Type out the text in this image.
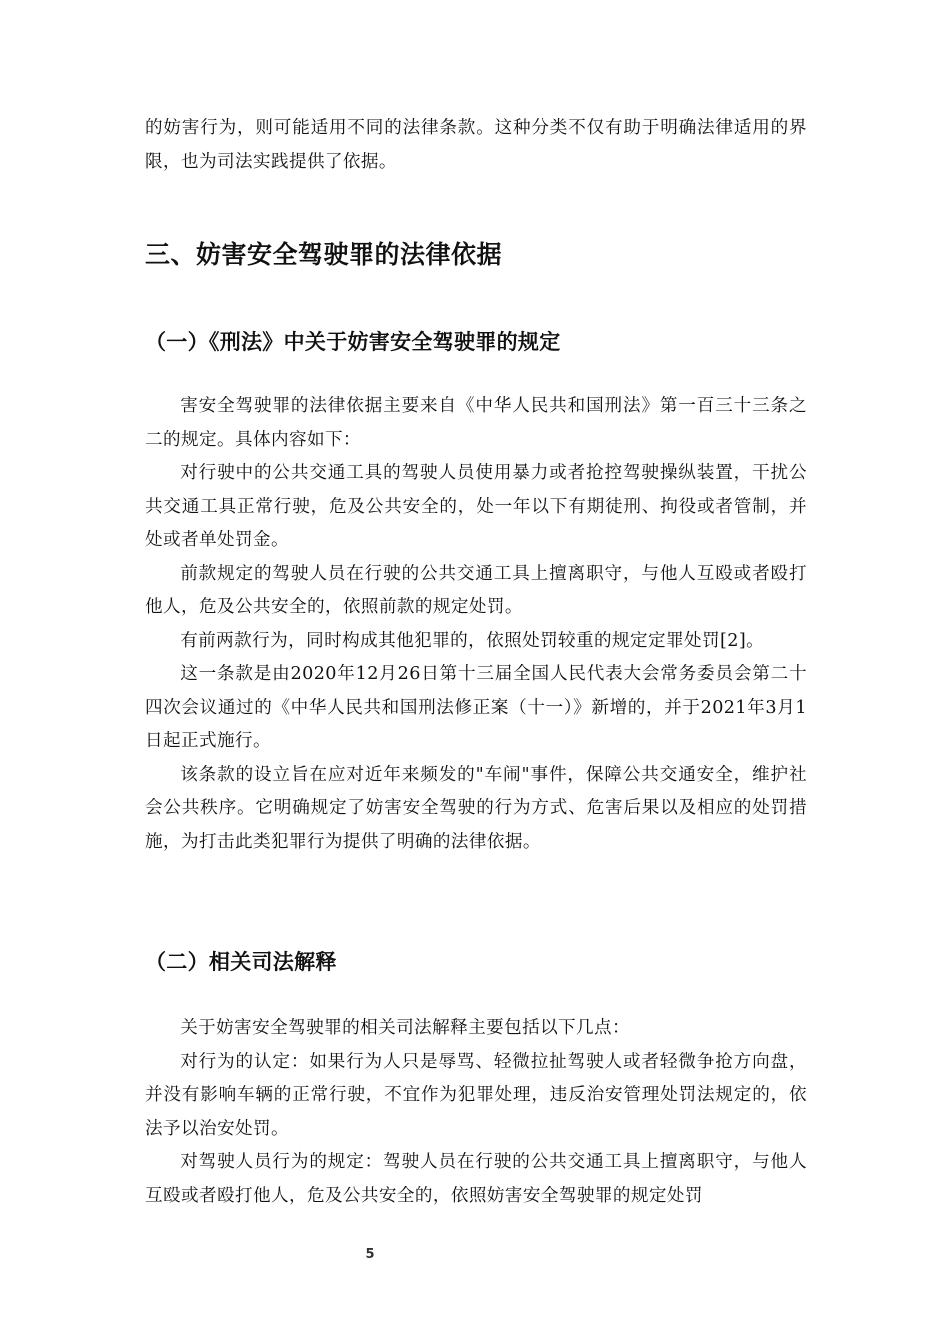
的妨害行为，则可能适用不同的法律条款。这种分类不仅有助于明确法律适用的界限，也为司法实践提供了依据。

三、妨害安全驾驶罪的法律依据
（一）《刑法》中关于妨害安全驾驶罪的规定

害安全驾驶罪的法律依据主要来自《中华人民共和国刑法》第一百三十三条之二的规定。具体内容如下：

对行驶中的公共交通工具的驾驶人员使用暴力或者抢控驾驶操纵装置，干扰公共交通工具正常行驶，危及公共安全的，处一年以下有期徒刑、拘役或者管制，并处或者单处罚金。

前款规定的驾驶人员在行驶的公共交通工具上擅离职守，与他人互殴或者殴打他人，危及公共安全的，依照前款的规定处罚。

有前两款行为，同时构成其他犯罪的，依照处罚较重的规定定罪处罚[2]。

这一条款是由2020年12月26日第十三届全国人民代表大会常务委员会第二十四次会议通过的《中华人民共和国刑法修正案（十一）》新增的，并于2021年3月1日起正式施行。

该条款的设立旨在应对近年来频发的"车闹"事件，保障公共交通安全，维护社会公共秩序。它明确规定了妨害安全驾驶的行为方式、危害后果以及相应的处罚措施，为打击此类犯罪行为提供了明确的法律依据。

（二）相关司法解释

关于妨害安全驾驶罪的相关司法解释主要包括以下几点：

对行为的认定：如果行为人只是辱骂、轻微拉扯驾驶人或者轻微争抢方向盘，并没有影响车辆的正常行驶，不宜作为犯罪处理，违反治安管理处罚法规定的，依法予以治安处罚。

对驾驶人员行为的规定：驾驶人员在行驶的公共交通工具上擅离职守，与他人互殴或者殴打他人，危及公共安全的，依照妨害安全驾驶罪的规定处罚

5
